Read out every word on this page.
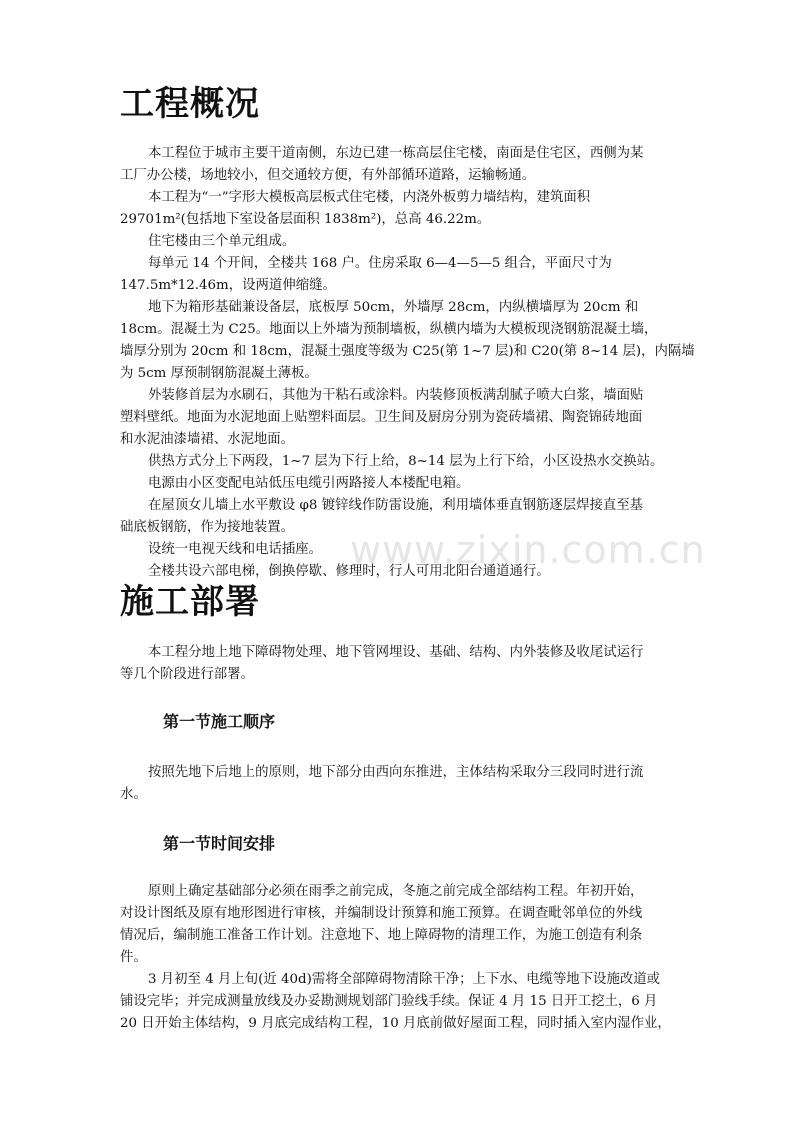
www.zixin.com.cn
工程概况
本工程位于城市主要干道南侧，东边已建一栋高层住宅楼，南面是住宅区，西侧为某
工厂办公楼，场地较小，但交通较方便，有外部循环道路，运输畅通。
本工程为“一”字形大模板高层板式住宅楼，内浇外板剪力墙结构，建筑面积
29701m²(包括地下室设备层面积 1838m²)，总高 46.22m。
住宅楼由三个单元组成。
每单元 14 个开间，全楼共 168 户。住房采取 6—4—5—5 组合，平面尺寸为
147.5m*12.46m，设两道伸缩缝。
地下为箱形基础兼设备层，底板厚 50cm，外墙厚 28cm，内纵横墙厚为 20cm 和
18cm。混凝土为 C25。地面以上外墙为预制墙板，纵横内墙为大模板现浇钢筋混凝土墙，
墙厚分别为 20cm 和 18cm，混凝土强度等级为 C25(第 1~7 层)和 C20(第 8~14 层)，内隔墙
为 5cm 厚预制钢筋混凝土薄板。
外装修首层为水刷石，其他为干粘石或涂料。内装修顶板满刮腻子喷大白浆，墙面贴
塑料壁纸。地面为水泥地面上贴塑料面层。卫生间及厨房分别为瓷砖墙裙、陶瓷锦砖地面
和水泥油漆墙裙、水泥地面。
供热方式分上下两段，1~7 层为下行上给，8~14 层为上行下给，小区设热水交换站。
电源由小区变配电站低压电缆引两路接人本楼配电箱。
在屋顶女儿墙上水平敷设 φ8 镀锌线作防雷设施，利用墙体垂直钢筋逐层焊接直至基
础底板钢筋，作为接地装置。
设统一电视天线和电话插座。
全楼共设六部电梯，倒换停歇、修理时，行人可用北阳台通道通行。
施工部署
本工程分地上地下障碍物处理、地下管网埋设、基础、结构、内外装修及收尾试运行
等几个阶段进行部署。
第一节施工顺序
按照先地下后地上的原则，地下部分由西向东推进，主体结构采取分三段同时进行流
水。
第一节时间安排
原则上确定基础部分必须在雨季之前完成，冬施之前完成全部结构工程。年初开始，
对设计图纸及原有地形图进行审核，并编制设计预算和施工预算。在调查毗邻单位的外线
情况后，编制施工准备工作计划。注意地下、地上障碍物的清理工作，为施工创造有利条
件。
3 月初至 4 月上旬(近 40d)需将全部障碍物清除干净；上下水、电缆等地下设施改道或
铺设完毕；并完成测量放线及办妥勘测规划部门验线手续。保证 4 月 15 日开工挖土，6 月
20 日开始主体结构，9 月底完成结构工程，10 月底前做好屋面工程，同时插入室内湿作业，
